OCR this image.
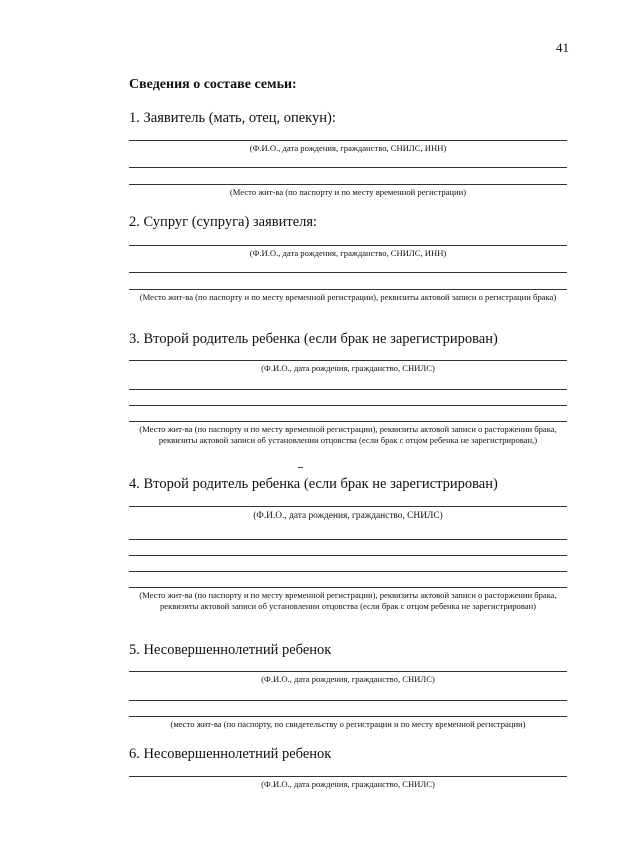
41
Сведения о составе семьи:
1. Заявитель (мать, отец, опекун):
(Ф.И.О., дата рождения, гражданство, СНИЛС, ИНН)
(Место жит-ва (по паспорту и по месту временной регистрации)
2. Супруг (супруга) заявителя:
(Ф.И.О., дата рождения, гражданство, СНИЛС, ИНН)
(Место жит-ва (по паспорту и по месту временной регистрации), реквизиты актовой записи о регистрации брака)
3. Второй родитель ребенка (если брак не зарегистрирован)
(Ф.И.О., дата рождения, гражданство, СНИЛС)
(Место жит-ва (по паспорту и по месту временной регистрации), реквизиты актовой записи о расторжении брака, реквизиты актовой записи об установлении отцовства (если брак с отцом ребенка не зарегистрирован,)
4. Второй родитель ребенка (если брак не зарегистрирован)
(Ф.И.О., дата рождения, гражданство, СНИЛС)
(Место жит-ва (по паспорту и по месту временной регистрации), реквизиты актовой записи о расторжении брака, реквизиты актовой записи об установлении отцовства (если брак с отцом ребенка не зарегистрирован)
5. Несовершеннолетний ребенок
(Ф.И.О., дата рождения, гражданство, СНИЛС)
(место жит-ва (по паспорту, по свидетельству о регистрации и по месту временной регистрации)
6. Несовершеннолетний ребенок
(Ф.И.О., дата рождения, гражданство, СНИЛС)
